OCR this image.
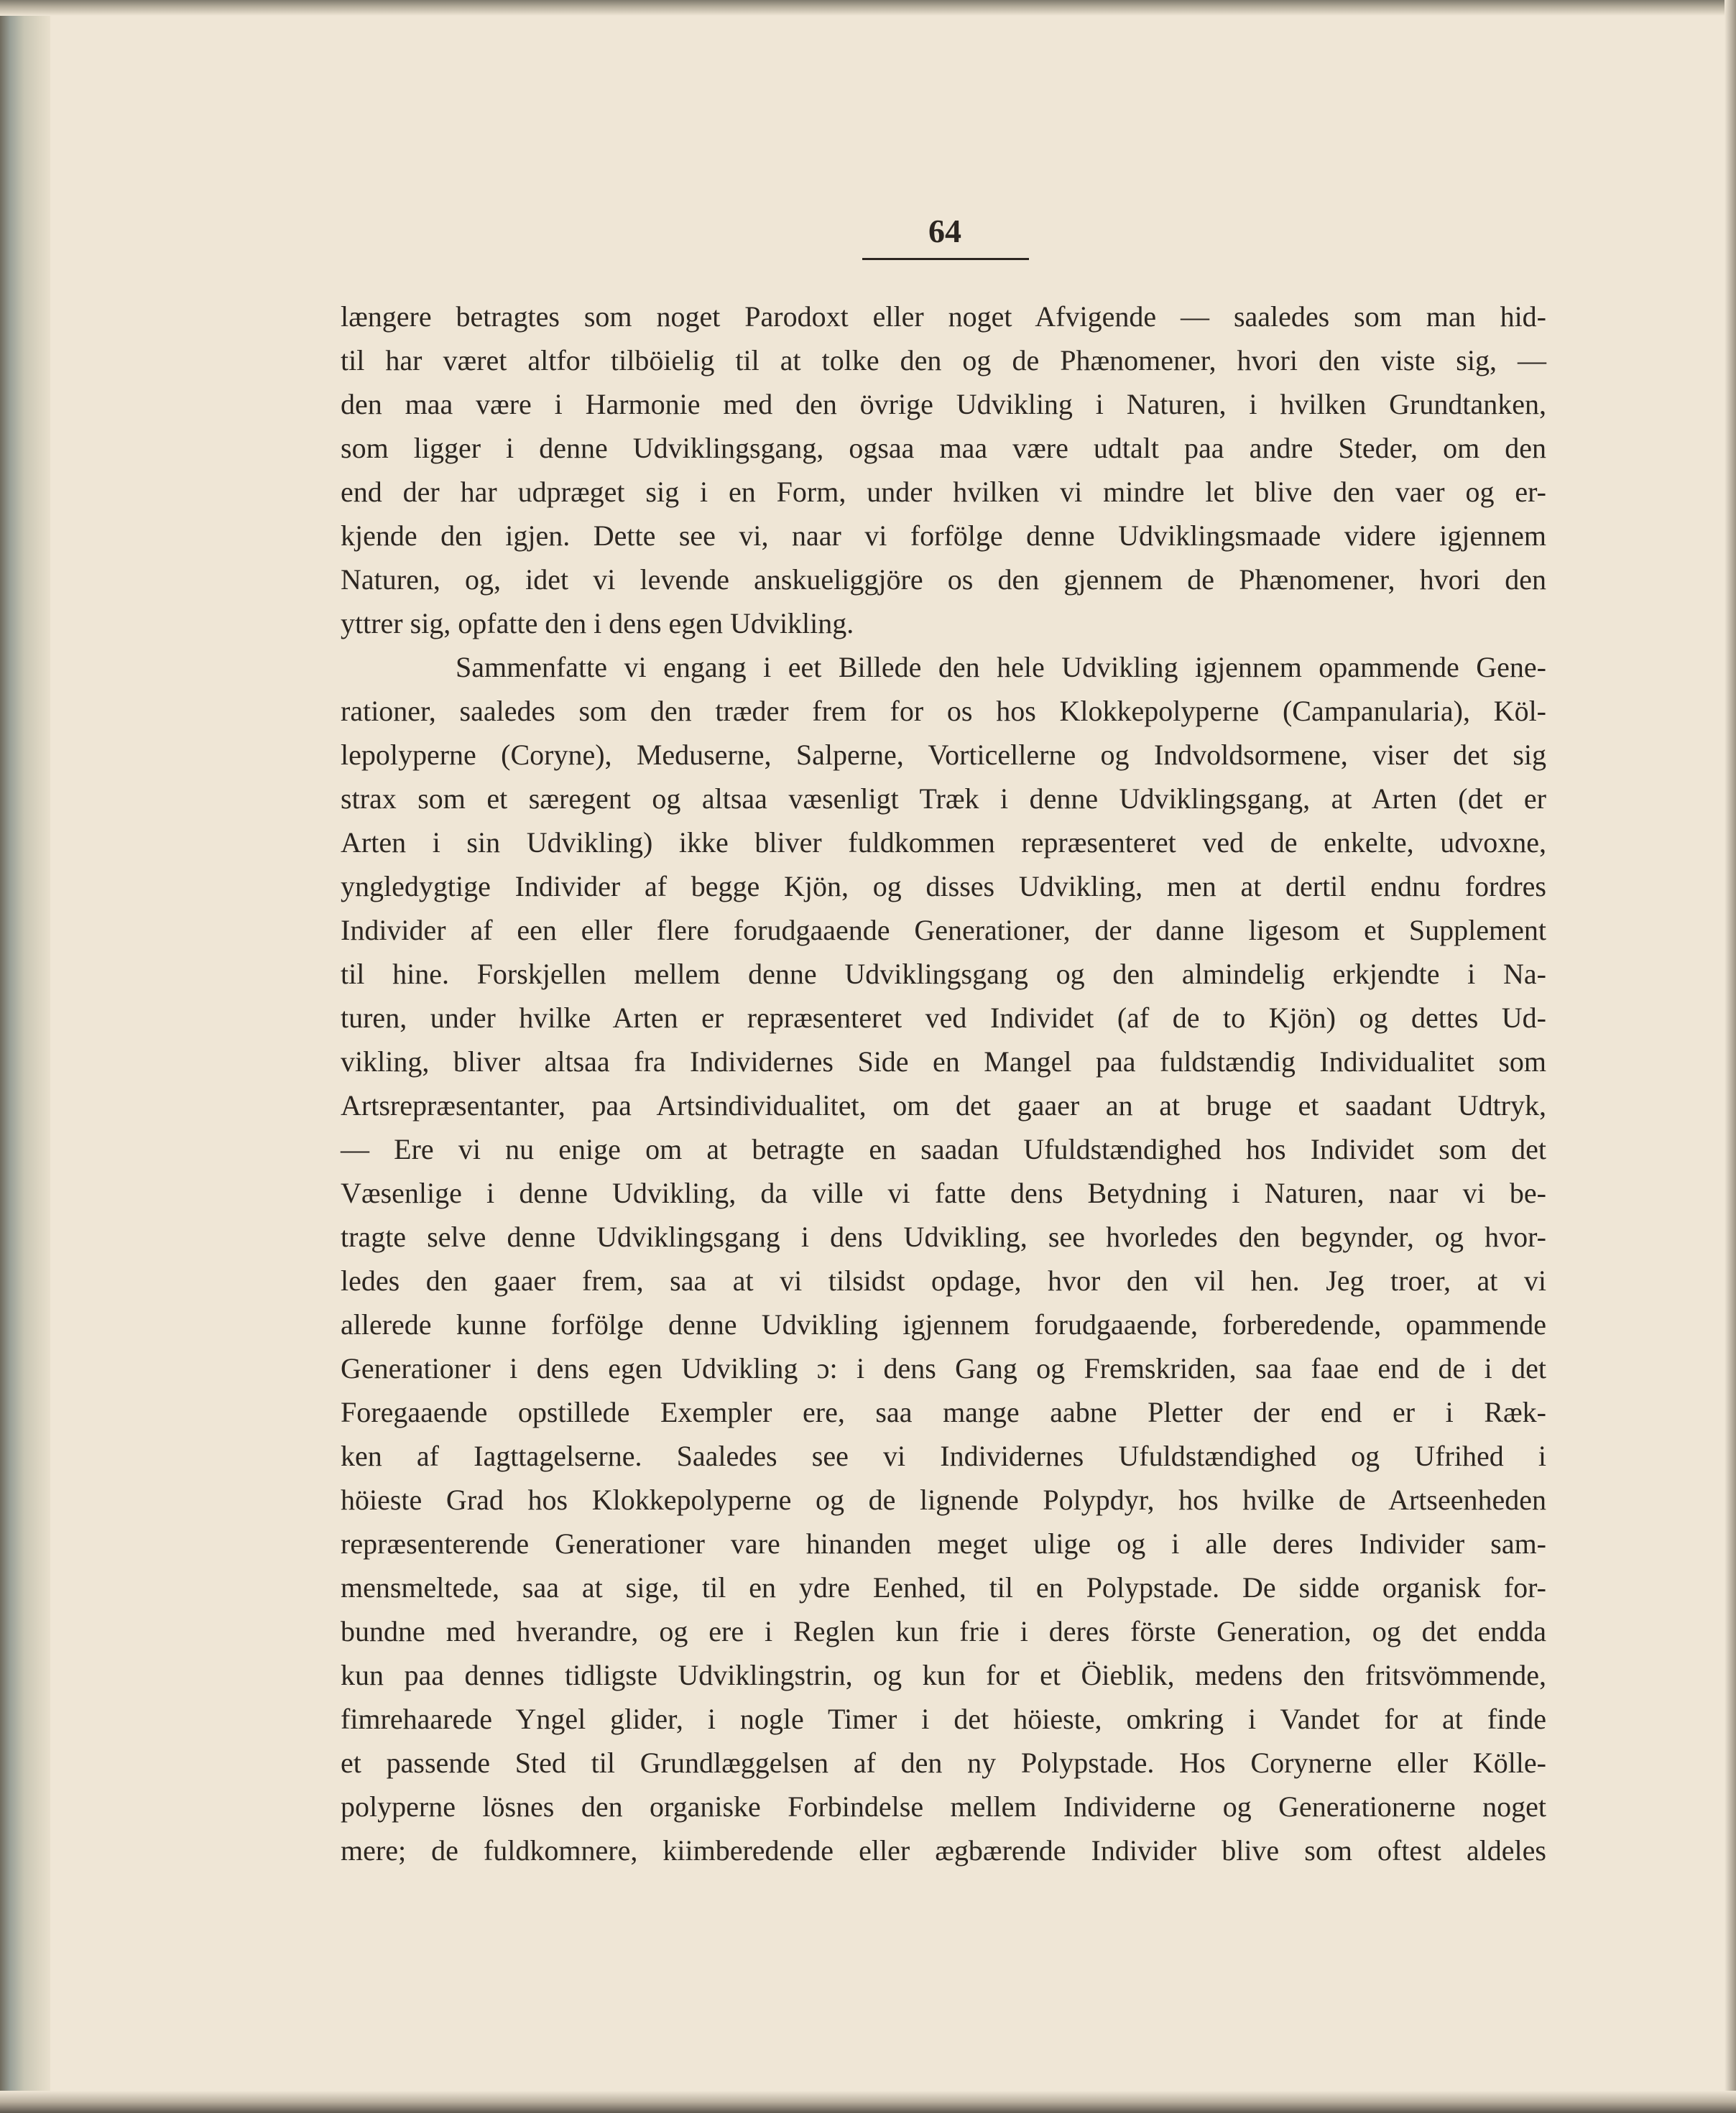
64
længere betragtes som noget Parodoxt eller noget Afvigende — saaledes som man hid-
til har været altfor tilböielig til at tolke den og de Phænomener, hvori den viste sig, —
den maa være i Harmonie med den övrige Udvikling i Naturen, i hvilken Grundtanken,
som ligger i denne Udviklingsgang, ogsaa maa være udtalt paa andre Steder, om den
end der har udpræget sig i en Form, under hvilken vi mindre let blive den vaer og er-
kjende den igjen. Dette see vi, naar vi forfölge denne Udviklingsmaade videre igjennem
Naturen, og, idet vi levende anskueliggjöre os den gjennem de Phænomener, hvori den
yttrer sig, opfatte den i dens egen Udvikling.
Sammenfatte vi engang i eet Billede den hele Udvikling igjennem opammende Gene-
rationer, saaledes som den træder frem for os hos Klokkepolyperne (Campanularia), Köl-
lepolyperne (Coryne), Meduserne, Salperne, Vorticellerne og Indvoldsormene, viser det sig
strax som et særegent og altsaa væsenligt Træk i denne Udviklingsgang, at Arten (det er
Arten i sin Udvikling) ikke bliver fuldkommen repræsenteret ved de enkelte, udvoxne,
yngledygtige Individer af begge Kjön, og disses Udvikling, men at dertil endnu fordres
Individer af een eller flere forudgaaende Generationer, der danne ligesom et Supplement
til hine. Forskjellen mellem denne Udviklingsgang og den almindelig erkjendte i Na-
turen, under hvilke Arten er repræsenteret ved Individet (af de to Kjön) og dettes Ud-
vikling, bliver altsaa fra Individernes Side en Mangel paa fuldstændig Individualitet som
Artsrepræsentanter, paa Artsindividualitet, om det gaaer an at bruge et saadant Udtryk,
— Ere vi nu enige om at betragte en saadan Ufuldstændighed hos Individet som det
Væsenlige i denne Udvikling, da ville vi fatte dens Betydning i Naturen, naar vi be-
tragte selve denne Udviklingsgang i dens Udvikling, see hvorledes den begynder, og hvor-
ledes den gaaer frem, saa at vi tilsidst opdage, hvor den vil hen. Jeg troer, at vi
allerede kunne forfölge denne Udvikling igjennem forudgaaende, forberedende, opammende
Generationer i dens egen Udvikling ɔ: i dens Gang og Fremskriden, saa faae end de i det
Foregaaende opstillede Exempler ere, saa mange aabne Pletter der end er i Ræk-
ken af Iagttagelserne. Saaledes see vi Individernes Ufuldstændighed og Ufrihed i
höieste Grad hos Klokkepolyperne og de lignende Polypdyr, hos hvilke de Artseenheden
repræsenterende Generationer vare hinanden meget ulige og i alle deres Individer sam-
mensmeltede, saa at sige, til en ydre Eenhed, til en Polypstade. De sidde organisk for-
bundne med hverandre, og ere i Reglen kun frie i deres förste Generation, og det endda
kun paa dennes tidligste Udviklingstrin, og kun for et Öieblik, medens den fritsvömmende,
fimrehaarede Yngel glider, i nogle Timer i det höieste, omkring i Vandet for at finde
et passende Sted til Grundlæggelsen af den ny Polypstade. Hos Corynerne eller Kölle-
polyperne lösnes den organiske Forbindelse mellem Individerne og Generationerne noget
mere; de fuldkomnere, kiimberedende eller ægbærende Individer blive som oftest aldeles
